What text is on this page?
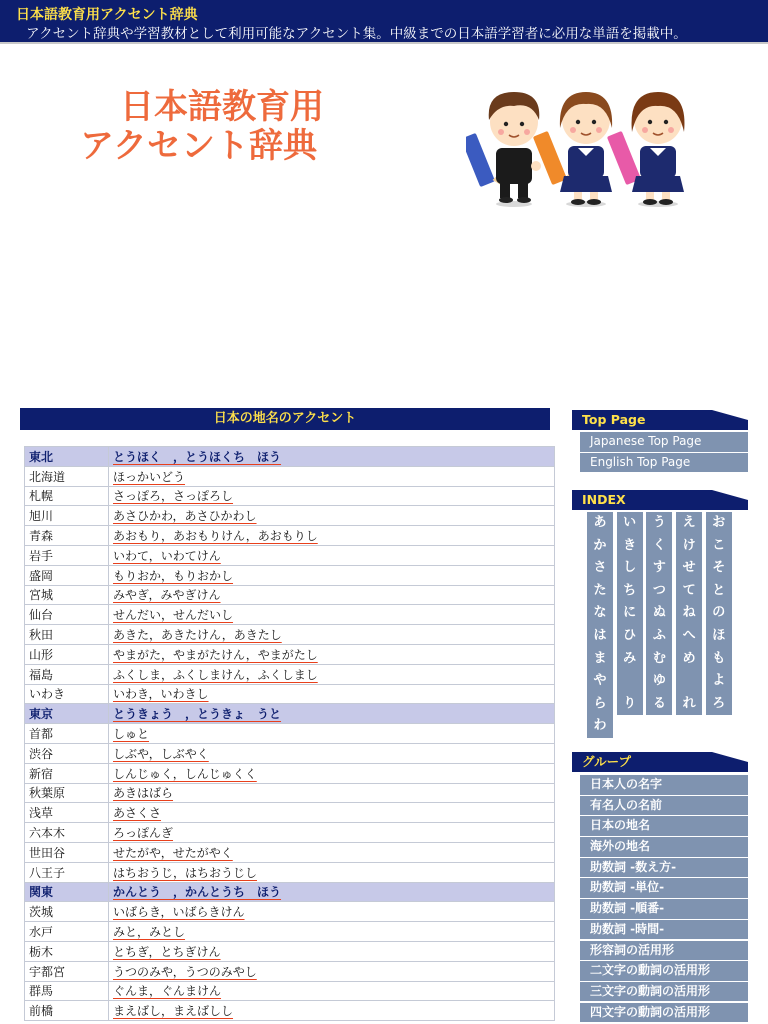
日本語教育用アクセント辞典
アクセント辞典や学習教材として利用可能なアクセント集。中級までの日本語学習者に必用な単語を掲載中。
日本語教育用
アクセント辞典
日本の地名のアクセント
東北	とうほく　，とうほくち　ほう
北海道	ほっかいどう
札幌	さっぽろ，さっぽろし
旭川	あさひかわ，あさひかわし
青森	あおもり，あおもりけん，あおもりし
岩手	いわて，いわてけん
盛岡	もりおか，もりおかし
宮城	みやぎ，みやぎけん
仙台	せんだい，せんだいし
秋田	あきた，あきたけん，あきたし
山形	やまがた，やまがたけん，やまがたし
福島	ふくしま，ふくしまけん，ふくしまし
いわき	いわき，いわきし
東京	とうきょう　，とうきょ　うと
首都	しゅと
渋谷	しぶや，しぶやく
新宿	しんじゅく，しんじゅくく
秋葉原	あきはばら
浅草	あさくさ
六本木	ろっぽんぎ
世田谷	せたがや，せたがやく
八王子	はちおうじ，はちおうじし
関東	かんとう　，かんとうち　ほう
茨城	いばらき，いばらきけん
水戸	みと，みとし
栃木	とちぎ，とちぎけん
宇都宮	うつのみや，うつのみやし
群馬	ぐんま，ぐんまけん
前橋	まえばし，まえばしし
Top Page
Japanese Top Page
English Top Page
INDEX
あ
か
さ
た
な
は
ま
や
ら
わ
い
き
し
ち
に
ひ
み
り
う
く
す
つ
ぬ
ふ
む
ゆ
る
え
け
せ
て
ね
へ
め
れ
お
こ
そ
と
の
ほ
も
よ
ろ
グループ
日本人の名字
有名人の名前
日本の地名
海外の地名
助数詞 -数え方-
助数詞 -単位-
助数詞 -順番-
助数詞 -時間-
形容詞の活用形
二文字の動詞の活用形
三文字の動詞の活用形
四文字の動詞の活用形
